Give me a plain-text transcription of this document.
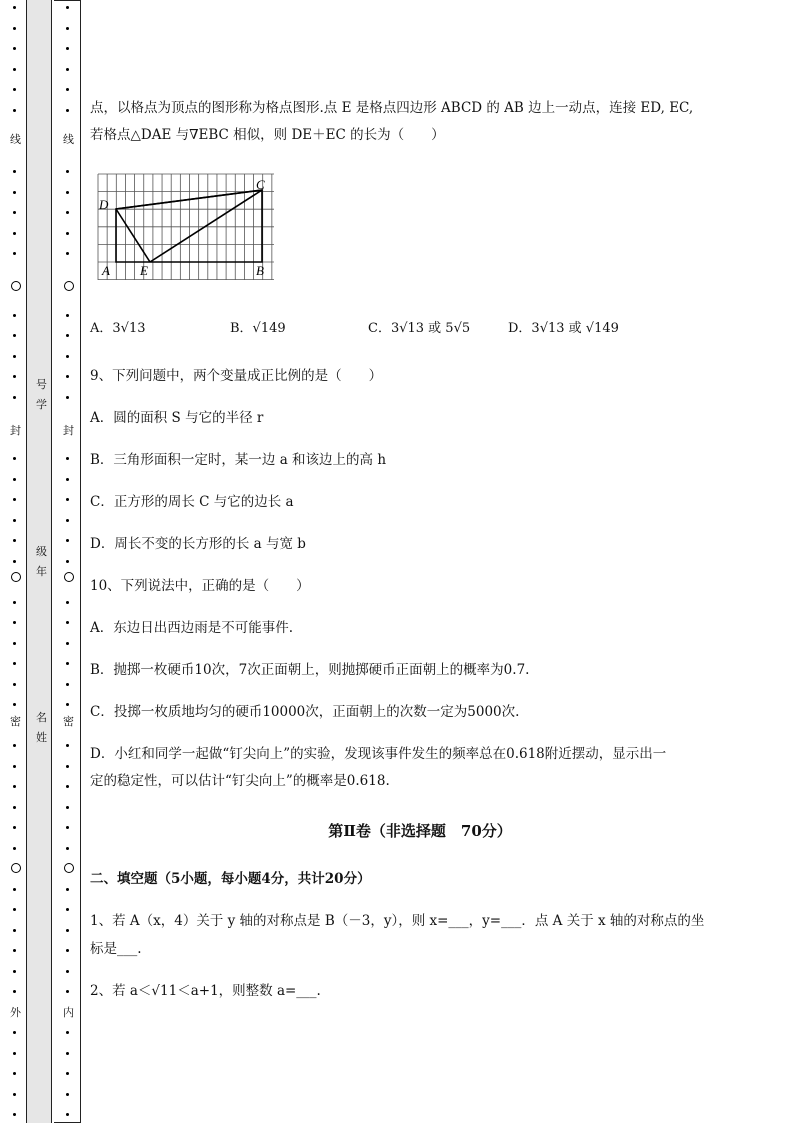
线
封
密
外
号
学
级
年
名
姓
线
封
密
内
点，以格点为顶点的图形称为格点图形.点 E 是格点四边形 ABCD 的 AB 边上一动点，连接 ED, EC,
若格点△DAE 与∇EBC 相似，则 DE＋EC 的长为（　　）
A E	B
D
C
A．3√13	B．√149	C．3√13 或 5√5	D．3√13 或 √149
9、下列问题中，两个变量成正比例的是（　　）
A．圆的面积 S 与它的半径 r
B．三角形面积一定时，某一边 a 和该边上的高 h
C．正方形的周长 C 与它的边长 a
D．周长不变的长方形的长 a 与宽 b
10、下列说法中，正确的是（　　）
A．东边日出西边雨是不可能事件.
B．抛掷一枚硬币10次，7次正面朝上，则抛掷硬币正面朝上的概率为0.7.
C．投掷一枚质地均匀的硬币10000次，正面朝上的次数一定为5000次.
D．小红和同学一起做“钉尖向上”的实验，发现该事件发生的频率总在0.618附近摆动，显示出一
定的稳定性，可以估计“钉尖向上”的概率是0.618.
第Ⅱ卷（非选择题　70分）
二、填空题（5小题，每小题4分，共计20分）
1、若 A（x，4）关于 y 轴的对称点是 B（－3，y），则 x=___，y=___．点 A 关于 x 轴的对称点的坐
标是___.
2、若 a＜√11＜a+1，则整数 a=___.
